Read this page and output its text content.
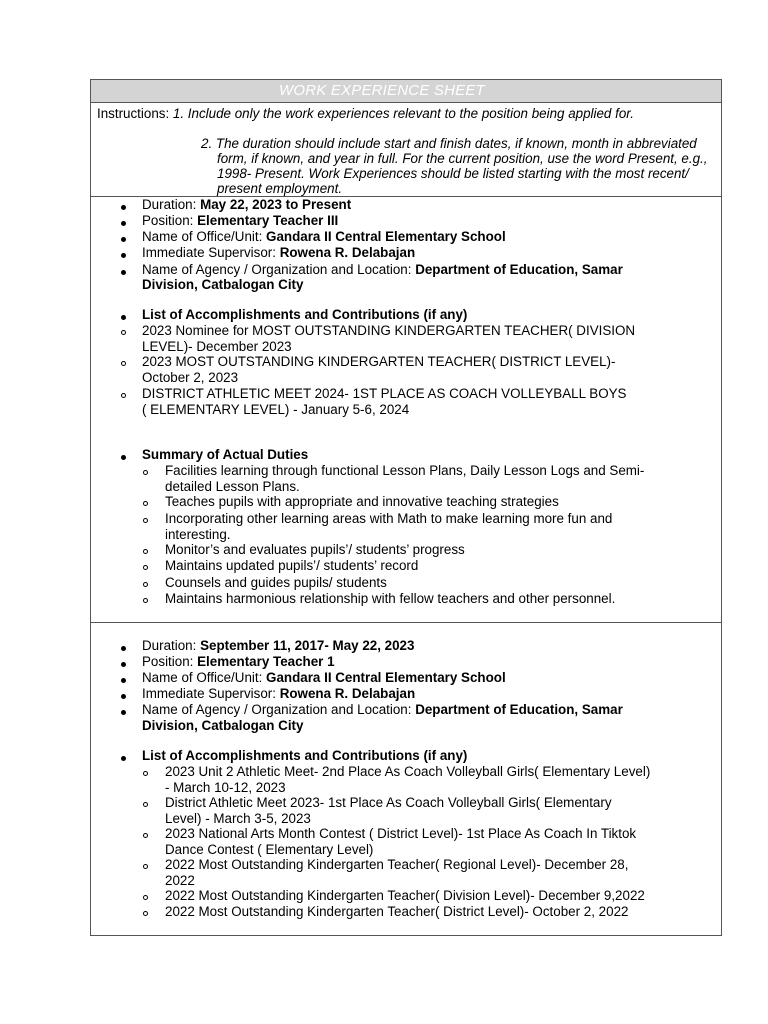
WORK EXPERIENCE SHEET
Instructions: 1. Include only the work experiences relevant to the position being applied for.
2. The duration should include start and finish dates, if known, month in abbreviated form, if known, and year in full. For the current position, use the word Present, e.g., 1998- Present. Work Experiences should be listed starting with the most recent/ present employment.
Duration: May 22, 2023 to Present
Position: Elementary Teacher III
Name of Office/Unit: Gandara II Central Elementary School
Immediate Supervisor: Rowena R. Delabajan
Name of Agency / Organization and Location: Department of Education, Samar
Division, Catbalogan City
List of Accomplishments and Contributions (if any)
2023 Nominee for MOST OUTSTANDING KINDERGARTEN TEACHER( DIVISION
LEVEL)- December 2023
2023 MOST OUTSTANDING KINDERGARTEN TEACHER( DISTRICT LEVEL)-
October 2, 2023
DISTRICT ATHLETIC MEET 2024- 1ST PLACE AS COACH VOLLEYBALL BOYS
( ELEMENTARY LEVEL) - January 5-6, 2024
Summary of Actual Duties
Facilities learning through functional Lesson Plans, Daily Lesson Logs and Semi-
detailed Lesson Plans.
Teaches pupils with appropriate and innovative teaching strategies
Incorporating other learning areas with Math to make learning more fun and
interesting.
Monitor’s and evaluates pupils’/ students’ progress
Maintains updated pupils’/ students’ record
Counsels and guides pupils/ students
Maintains harmonious relationship with fellow teachers and other personnel.
Duration: September 11, 2017- May 22, 2023
Position: Elementary Teacher 1
Name of Office/Unit: Gandara II Central Elementary School
Immediate Supervisor: Rowena R. Delabajan
Name of Agency / Organization and Location: Department of Education, Samar
Division, Catbalogan City
List of Accomplishments and Contributions (if any)
2023 Unit 2 Athletic Meet- 2nd Place As Coach Volleyball Girls( Elementary Level)
- March 10-12, 2023
District Athletic Meet 2023- 1st Place As Coach Volleyball Girls( Elementary
Level) - March 3-5, 2023
2023 National Arts Month Contest ( District Level)- 1st Place As Coach In Tiktok
Dance Contest ( Elementary Level)
2022 Most Outstanding Kindergarten Teacher( Regional Level)- December 28,
2022
2022 Most Outstanding Kindergarten Teacher( Division Level)- December 9,2022
2022 Most Outstanding Kindergarten Teacher( District Level)- October 2, 2022
